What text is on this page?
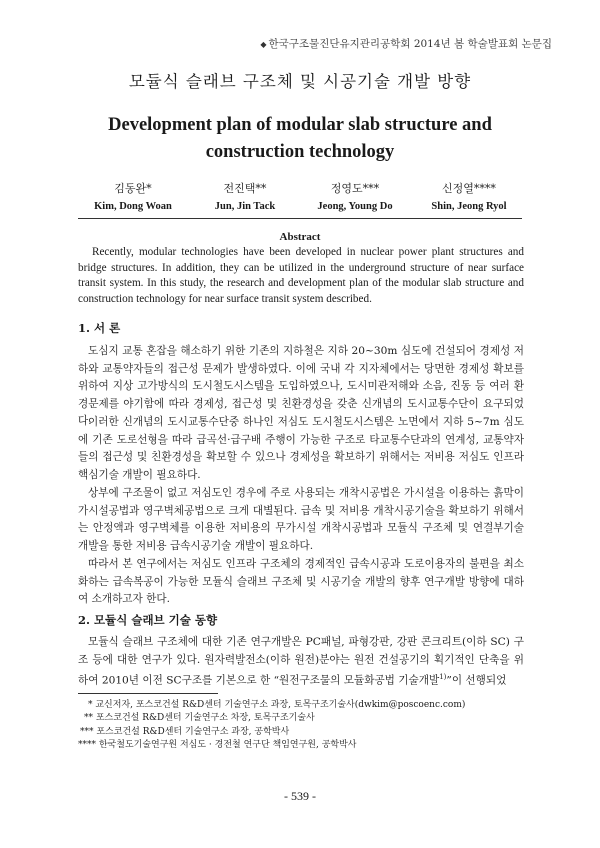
◆ 한국구조물진단유지관리공학회 2014년 봄 학술발표회 논문집
모듈식 슬래브 구조체 및 시공기술 개발 방향
Development plan of modular slab structure and
construction technology
김동완*
Kim, Dong Woan
전진택**
Jun, Jin Tack
정영도***
Jeong, Young Do
신정열****
Shin, Jeong Ryol
Abstract

Recently, modular technologies have been developed in nuclear power plant structures and bridge structures. In addition, they can be utilized in the underground structure of near surface transit system. In this study, the research and development plan of the modular slab structure and construction technology for near surface transit system described.

1. 서 론

도심지 교통 혼잡을 해소하기 위한 기존의 지하철은 지하 20~30m 심도에 건설되어 경제성 저하와 교통약자들의 접근성 문제가 발생하였다. 이에 국내 각 지자체에서는 당면한 경제성 확보를 위하여 지상 고가방식의 도시철도시스템을 도입하였으나, 도시미관저해와 소음, 진동 등 여러 환경문제를 야기함에 따라 경제성, 접근성 및 친환경성을 갖춘 신개념의 도시교통수단이 요구되었다.

이러한 신개념의 도시교통수단중 하나인 저심도 도시철도시스템은 노면에서 지하 5~7m 심도에 기존 도로선형을 따라 급곡선·급구배 주행이 가능한 구조로 타교통수단과의 연계성, 교통약자들의 접근성 및 친환경성을 확보할 수 있으나 경제성을 확보하기 위해서는 저비용 저심도 인프라 핵심기술 개발이 필요하다.

상부에 구조물이 없고 저심도인 경우에 주로 사용되는 개착시공법은 가시설을 이용하는 흙막이가시설공법과 영구벽체공법으로 크게 대별된다. 급속 및 저비용 개착시공기술을 확보하기 위해서는 안정액과 영구벽체를 이용한 저비용의 무가시설 개착시공법과 모듈식 구조체 및 연결부기술 개발을 통한 저비용 급속시공기술 개발이 필요하다.

따라서 본 연구에서는 저심도 인프라 구조체의 경제적인 급속시공과 도로이용자의 불편을 최소화하는 급속복공이 가능한 모듈식 슬래브 구조체 및 시공기술 개발의 향후 연구개발 방향에 대하여 소개하고자 한다.

2. 모듈식 슬래브 기술 동향

모듈식 슬래브 구조체에 대한 기존 연구개발은 PC패널, 파형강판, 강판 콘크리트(이하 SC) 구조 등에 대한 연구가 있다. 원자력발전소(이하 원전)분야는 원전 건설공기의 획기적인 단축을 위하여 2010년 이전 SC구조를 기본으로 한 “원전구조물의 모듈화공법 기술개발$^{1)}$”이 선행되었

* 교신저자, 포스코건설 R&D센터 기술연구소 과장, 토목구조기술사(dwkim@poscoenc.com)
** 포스코건설 R&D센터 기술연구소 차장, 토목구조기술사
*** 포스코건설 R&D센터 기술연구소 과장, 공학박사
**** 한국철도기술연구원 저심도 · 경전철 연구단 책임연구원, 공학박사
- 539 -
